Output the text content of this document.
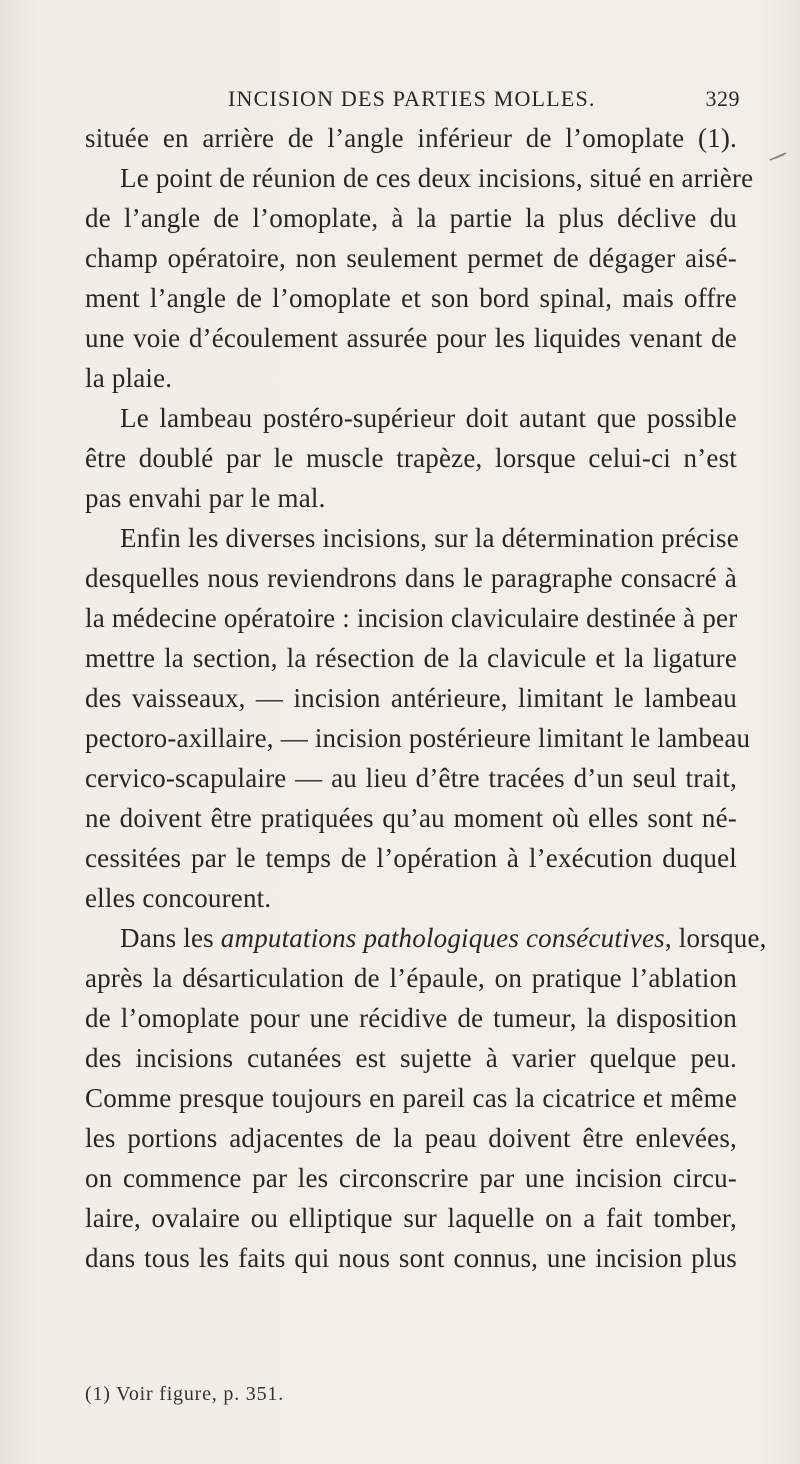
INCISION DES PARTIES MOLLES.	329
située en arrière de l’angle inférieur de l’omoplate (1).
Le point de réunion de ces deux incisions, situé en arrière
de l’angle de l’omoplate, à la partie la plus déclive du
champ opératoire, non seulement permet de dégager aisé-
ment l’angle de l’omoplate et son bord spinal, mais offre
une voie d’écoulement assurée pour les liquides venant de
la plaie.
Le lambeau postéro-supérieur doit autant que possible
être doublé par le muscle trapèze, lorsque celui-ci n’est
pas envahi par le mal.
Enfin les diverses incisions, sur la détermination précise
desquelles nous reviendrons dans le paragraphe consacré à
la médecine opératoire : incision claviculaire destinée à per
mettre la section, la résection de la clavicule et la ligature
des vaisseaux, — incision antérieure, limitant le lambeau
pectoro-axillaire, — incision postérieure limitant le lambeau
cervico-scapulaire — au lieu d’être tracées d’un seul trait,
ne doivent être pratiquées qu’au moment où elles sont né-
cessitées par le temps de l’opération à l’exécution duquel
elles concourent.
Dans les amputations pathologiques consécutives, lorsque,
après la désarticulation de l’épaule, on pratique l’ablation
de l’omoplate pour une récidive de tumeur, la disposition
des incisions cutanées est sujette à varier quelque peu.
Comme presque toujours en pareil cas la cicatrice et même
les portions adjacentes de la peau doivent être enlevées,
on commence par les circonscrire par une incision circu-
laire, ovalaire ou elliptique sur laquelle on a fait tomber,
dans tous les faits qui nous sont connus, une incision plus
(1) Voir figure, p. 351.
